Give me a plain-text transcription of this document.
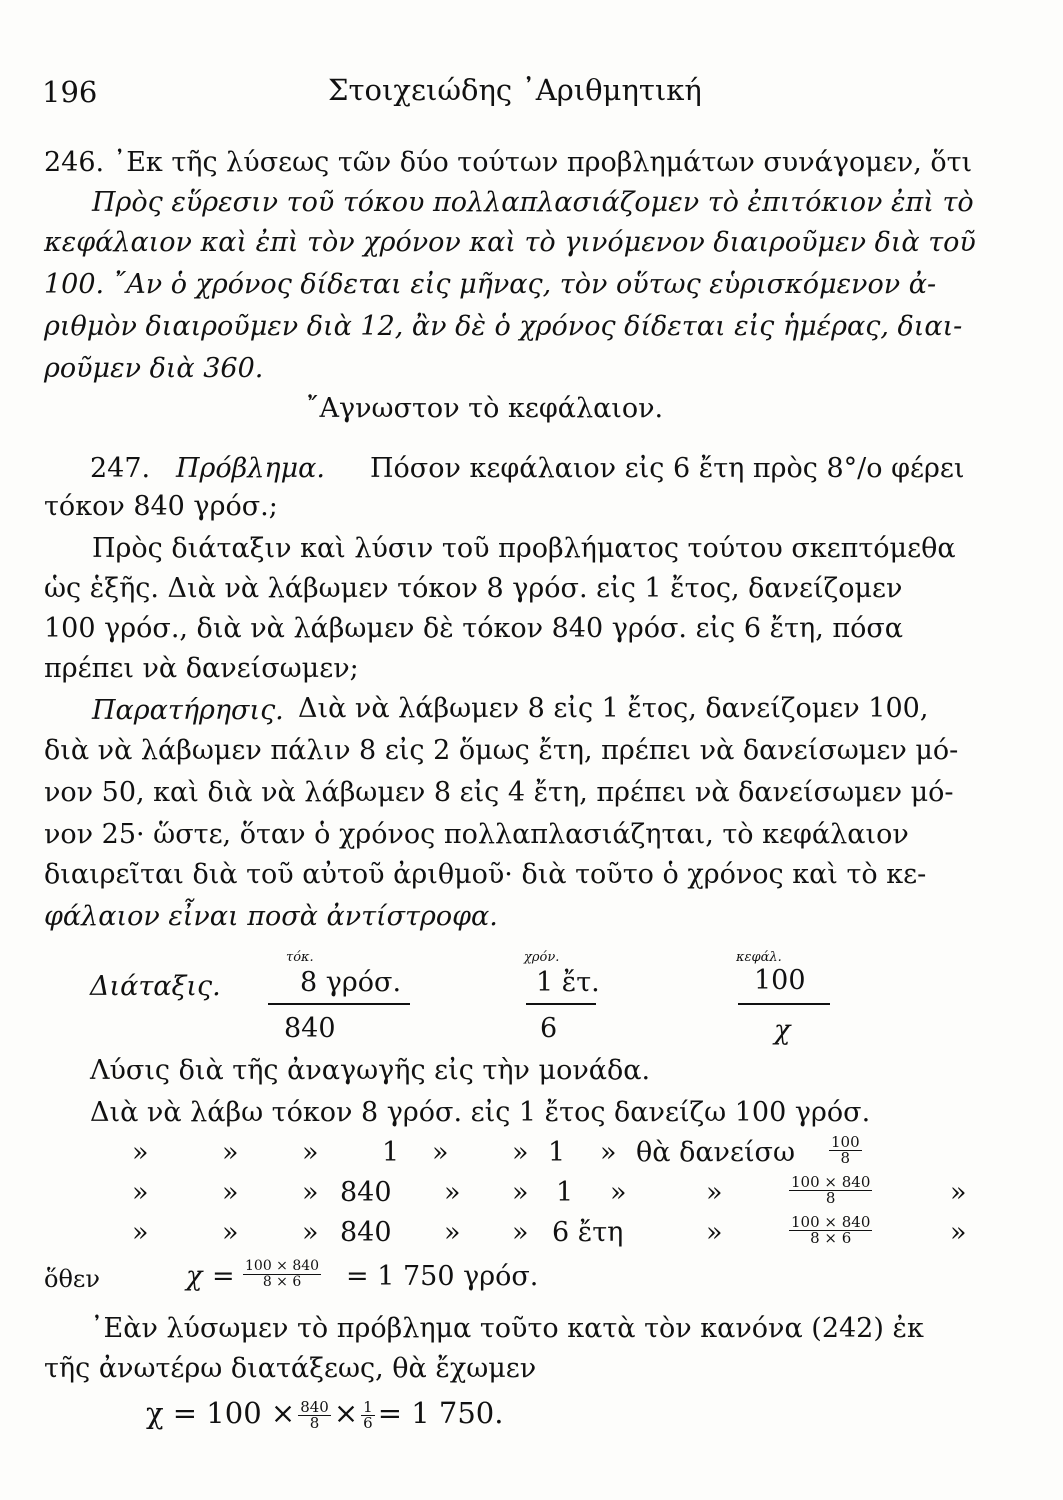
196	Στοιχειώδης ᾿Αριθμητική
246. ᾿Εκ τῆς λύσεως τῶν δύο τούτων προβλημάτων συνάγομεν, ὅτι
Πρὸς εὕρεσιν τοῦ τόκου πολλαπλασιάζομεν τὸ ἐπιτόκιον ἐπὶ τὸ
κεφάλαιον καὶ ἐπὶ τὸν χρόνον καὶ τὸ γινόμενον διαιροῦμεν διὰ τοῦ
100. ῎Αν ὁ χρόνος δίδεται εἰς μῆνας, τὸν οὕτως εὑρισκόμενον ἀ-
ριθμὸν διαιροῦμεν διὰ 12, ἂν δὲ ὁ χρόνος δίδεται εἰς ἡμέρας, διαι-
ροῦμεν διὰ 360.
῎Αγνωστον τὸ κεφάλαιον.
247. Πρόβλημα. Πόσον κεφάλαιον εἰς 6 ἔτη πρὸς 8°/ο φέρει
τόκον 840 γρόσ.;
Πρὸς διάταξιν καὶ λύσιν τοῦ προβλήματος τούτου σκεπτόμεθα
ὡς ἑξῆς. Διὰ νὰ λάβωμεν τόκον 8 γρόσ. εἰς 1 ἔτος, δανείζομεν
100 γρόσ., διὰ νὰ λάβωμεν δὲ τόκον 840 γρόσ. εἰς 6 ἔτη, πόσα
πρέπει νὰ δανείσωμεν;
Παρατήρησις. Διὰ νὰ λάβωμεν 8 εἰς 1 ἔτος, δανείζομεν 100,
διὰ νὰ λάβωμεν πάλιν 8 εἰς 2 ὅμως ἔτη, πρέπει νὰ δανείσωμεν μό-
νον 50, καὶ διὰ νὰ λάβωμεν 8 εἰς 4 ἔτη, πρέπει νὰ δανείσωμεν μό-
νον 25· ὥστε, ὅταν ὁ χρόνος πολλαπλασιάζηται, τὸ κεφάλαιον
διαιρεῖται διὰ τοῦ αὐτοῦ ἀριθμοῦ· διὰ τοῦτο ὁ χρόνος καὶ τὸ κε-
φάλαιον εἶναι ποσὰ ἀντίστροφα.
τόκ.	χρόν.	κεφάλ.
Διάταξις.	8 γρόσ.	1 ἔτ.	100
840	6	χ
Λύσις διὰ τῆς ἀναγωγῆς εἰς τὴν μονάδα.
Διὰ νὰ λάβω τόκον 8 γρόσ. εἰς 1 ἔτος δανείζω 100 γρόσ.
»	» » 1 » » 1 » θὰ δανείσω $\frac{100}{8}$
»	» » 840 » » 1 »	»	$\frac{100 \times 840}{8}$	»
»	» » 840 » » 6 ἔτη	»	$\frac{100 \times 840}{8 \times 6}$	»
ὅθεν	$\chi = \frac{100 \times 840}{8 \times 6} = 1$ 750 γρόσ.
᾿Εὰν λύσωμεν τὸ πρόβλημα τοῦτο κατὰ τὸν κανόνα (242) ἐκ
τῆς ἀνωτέρω διατάξεως, θὰ ἔχωμεν
$\chi = 100 \times \frac{840}{8} \times \frac{1}{6} = 1$ 750.
